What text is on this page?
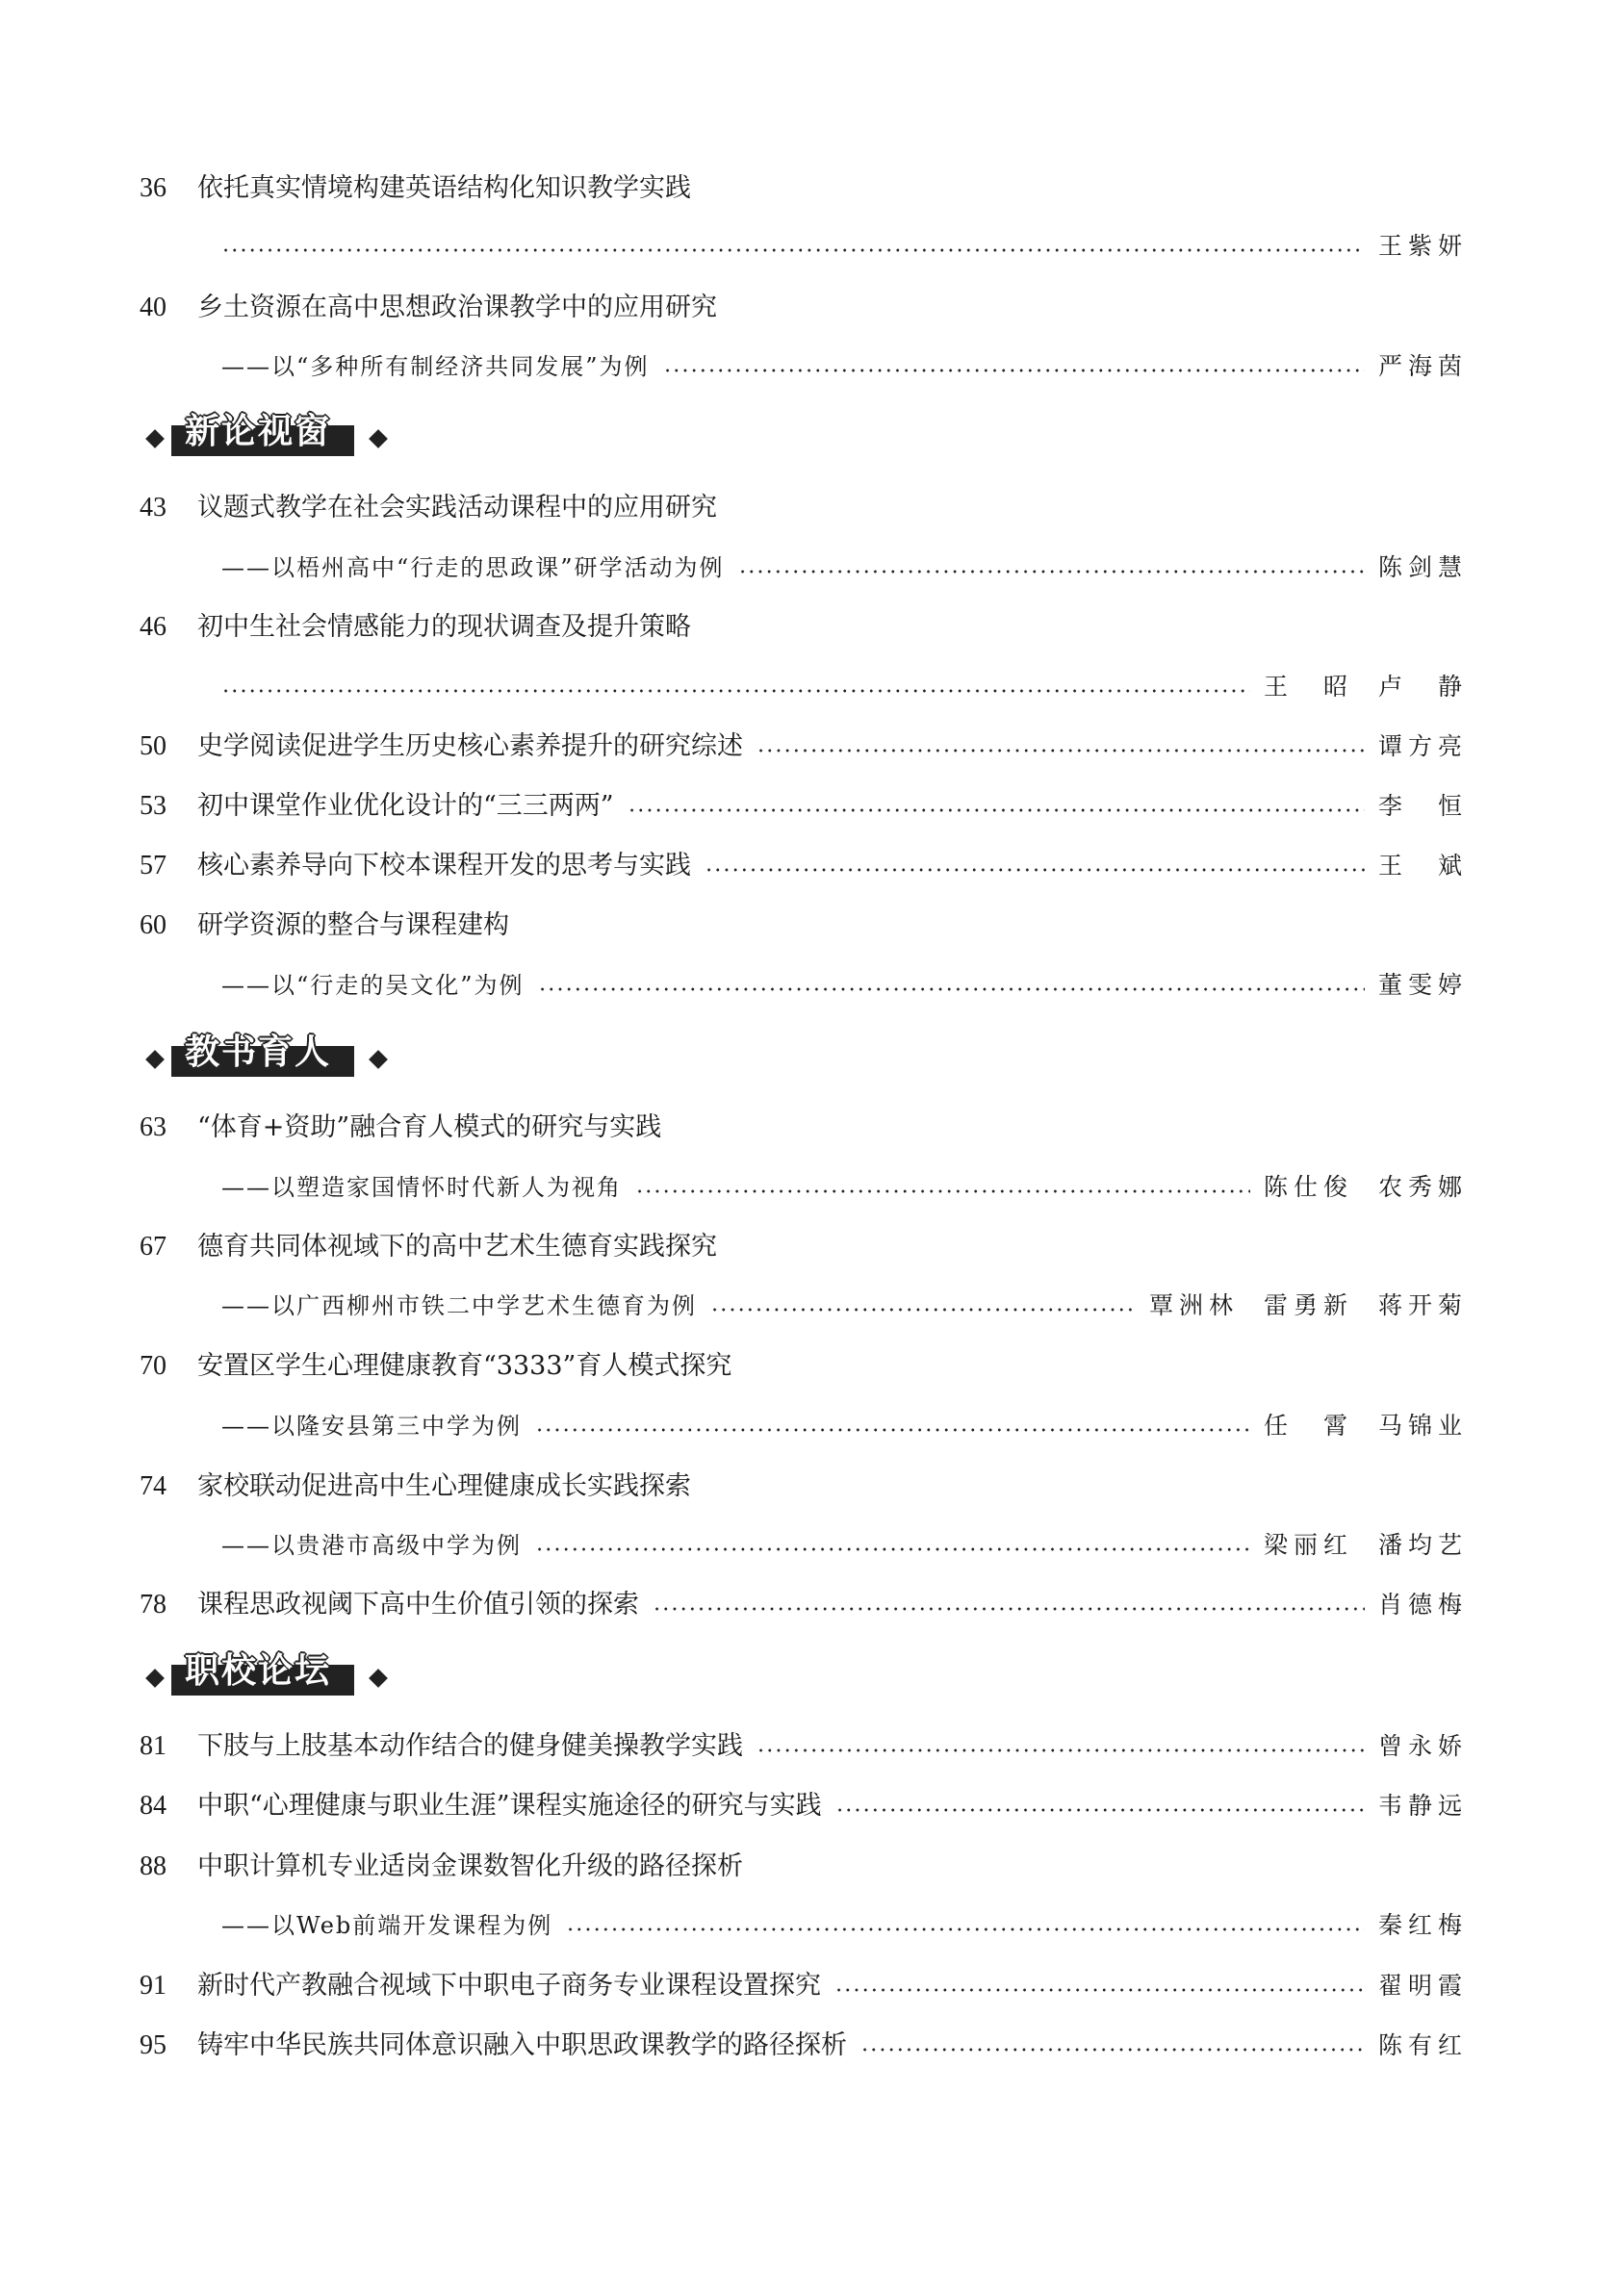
36	依托真实情境构建英语结构化知识教学实践
王紫妍
40	乡土资源在高中思想政治课教学中的应用研究
——以“多种所有制经济共同发展”为例	严海茵
新论视窗
43	议题式教学在社会实践活动课程中的应用研究
——以梧州高中“行走的思政课”研学活动为例	陈剑慧
46	初中生社会情感能力的现状调查及提升策略
王　昭 卢　静
50	史学阅读促进学生历史核心素养提升的研究综述	谭方亮
53	初中课堂作业优化设计的“三三两两”	李　恒
57	核心素养导向下校本课程开发的思考与实践	王　斌
60	研学资源的整合与课程建构
——以“行走的吴文化”为例	董雯婷
教书育人
63	“体育+资助”融合育人模式的研究与实践
——以塑造家国情怀时代新人为视角	陈仕俊 农秀娜
67	德育共同体视域下的高中艺术生德育实践探究
——以广西柳州市铁二中学艺术生德育为例	覃洲林 雷勇新 蒋开菊
70	安置区学生心理健康教育“3333”育人模式探究
——以隆安县第三中学为例	任　霄 马锦业
74	家校联动促进高中生心理健康成长实践探索
——以贵港市高级中学为例	梁丽红 潘均艺
78	课程思政视阈下高中生价值引领的探索	肖德梅
职校论坛
81	下肢与上肢基本动作结合的健身健美操教学实践	曾永娇
84	中职“心理健康与职业生涯”课程实施途径的研究与实践	韦静远
88	中职计算机专业适岗金课数智化升级的路径探析
——以Web前端开发课程为例	秦红梅
91	新时代产教融合视域下中职电子商务专业课程设置探究	翟明霞
95	铸牢中华民族共同体意识融入中职思政课教学的路径探析	陈有红
